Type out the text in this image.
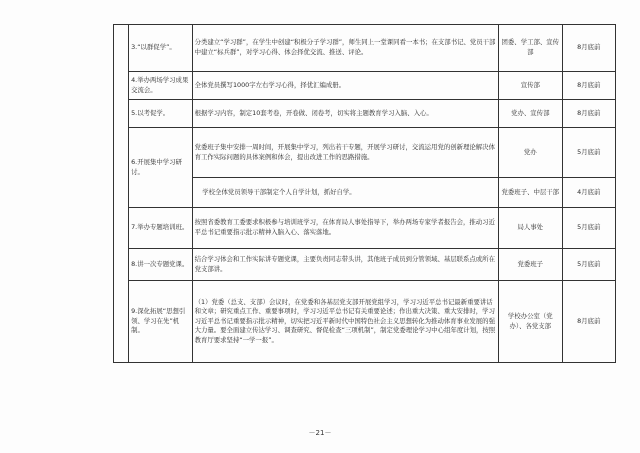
	3.“以群促学”。	分类建立“学习群”，在学生中创建“积极分子学习群”，师生同上一堂课同看一本书；在支部书记、党员干部中建立“标兵群”，对学习心得、体会择优交流、推送、评论。	团委、学工部、宣传部	8月底前
	4.举办两场学习成果交流会。	全体党员撰写1000字左右学习心得，择优汇编成册。	宣传部	8月底前
	5.以考促学。	根据学习内容，制定10套考卷，开卷做、闭卷考，切实将主题教育学习入脑、入心。	党办、宣传部	8月底前
	6.开展集中学习研讨。	党委班子集中安排一周时间，开展集中学习，列出若干专题，开展学习研讨，交流运用党的创新理论解决体育工作实际问题的具体案例和体会，提出改进工作的思路措施。	党办	5月底前
		学校全体党员领导干部制定个人自学计划，抓好自学。	党委班子、中层干部	4月底前
	7.举办专题培训班。	按照省委教育工委要求积极参与培训班学习，在体育局人事处指导下，举办两场专家学者报告会，推动习近平总书记重要指示批示精神入脑入心、落实落地。	局人事处	5月底前
	8.讲一次专题党课。	结合学习体会和工作实际讲专题党课，主要负责同志带头讲，其他班子成员到分管领域、基层联系点或所在党支部讲。	党委班子	5月底前
	9.深化拓展“思想引领、学习在先”机制。	（1）党委（总支、支部）会议时，在党委和各基层党支部开展党组学习，学习习近平总书记最新重要讲话和文章；研究重点工作、重要事项时，学习习近平总书记有关重要论述；作出重大决策、重大安排时，学习习近平总书记重要指示批示精神，切实把习近平新时代中国特色社会主义思想转化为推动体育事业发展的强大力量。要全面建立传达学习、调查研究、督促检查“三项机制”，制定党委理论学习中心组年度计划，按照教育厅要求坚持“一学一报”。	学校办公室（党办）、各党支部	8月底前
－21－
